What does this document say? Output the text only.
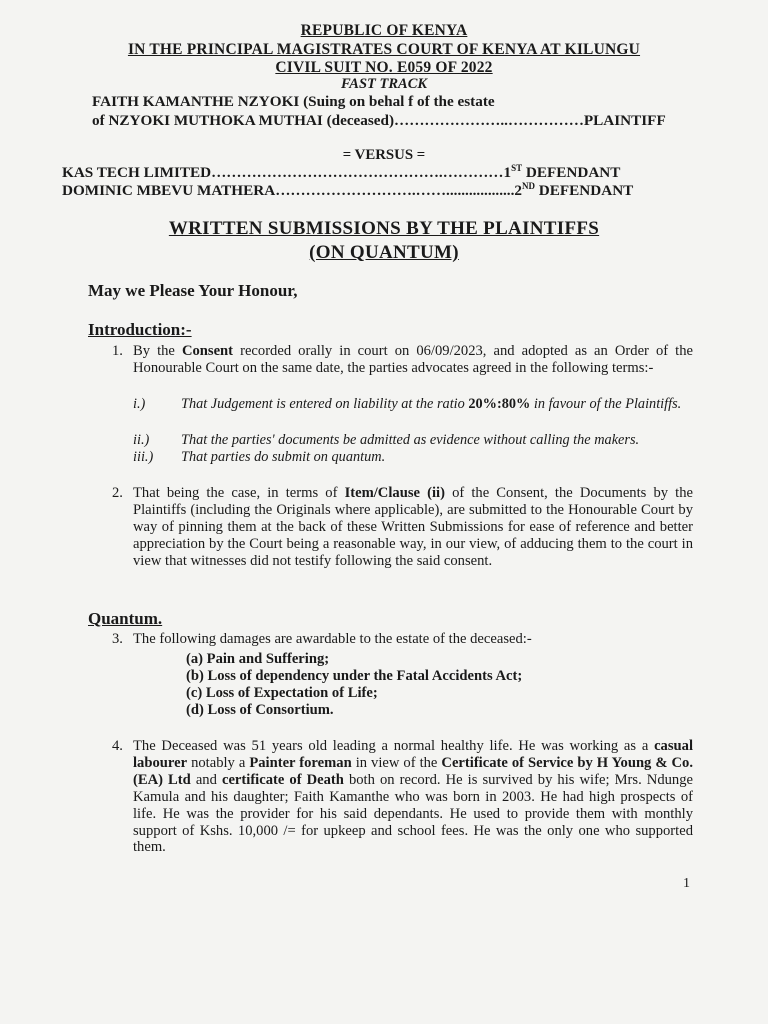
REPUBLIC OF KENYA
IN THE PRINCIPAL MAGISTRATES COURT OF KENYA AT KILUNGU
CIVIL SUIT NO. E059 OF 2022
FAST TRACK
FAITH KAMANTHE NZYOKI (Suing on behal f of the estate
of NZYOKI MUTHOKA MUTHAI (deceased)…………………..……………PLAINTIFF
= VERSUS =
KAS TECH LIMITED……………………………………….…………1ST DEFENDANT
DOMINIC MBEVU MATHERA……………………….……..................2ND DEFENDANT
WRITTEN SUBMISSIONS BY THE PLAINTIFFS
(ON QUANTUM)
May we Please Your Honour,
Introduction:-
1. By the Consent recorded orally in court on 06/09/2023, and adopted as an Order of the Honourable Court on the same date, the parties advocates agreed in the following terms:-
i.) That Judgement is entered on liability at the ratio 20%:80% in favour of the Plaintiffs.
ii.) That the parties' documents be admitted as evidence without calling the makers.
iii.) That parties do submit on quantum.
2. That being the case, in terms of Item/Clause (ii) of the Consent, the Documents by the Plaintiffs (including the Originals where applicable), are submitted to the Honourable Court by way of pinning them at the back of these Written Submissions for ease of reference and better appreciation by the Court being a reasonable way, in our view, of adducing them to the court in view that witnesses did not testify following the said consent.
Quantum.
3. The following damages are awardable to the estate of the deceased:-
(a) Pain and Suffering;
(b) Loss of dependency under the Fatal Accidents Act;
(c) Loss of Expectation of Life;
(d) Loss of Consortium.
4. The Deceased was 51 years old leading a normal healthy life. He was working as a casual labourer notably a Painter foreman in view of the Certificate of Service by H Young & Co. (EA) Ltd and certificate of Death both on record. He is survived by his wife; Mrs. Ndunge Kamula and his daughter; Faith Kamanthe who was born in 2003. He had high prospects of life. He was the provider for his said dependants. He used to provide them with monthly support of Kshs. 10,000 /= for upkeep and school fees. He was the only one who supported them.
1
